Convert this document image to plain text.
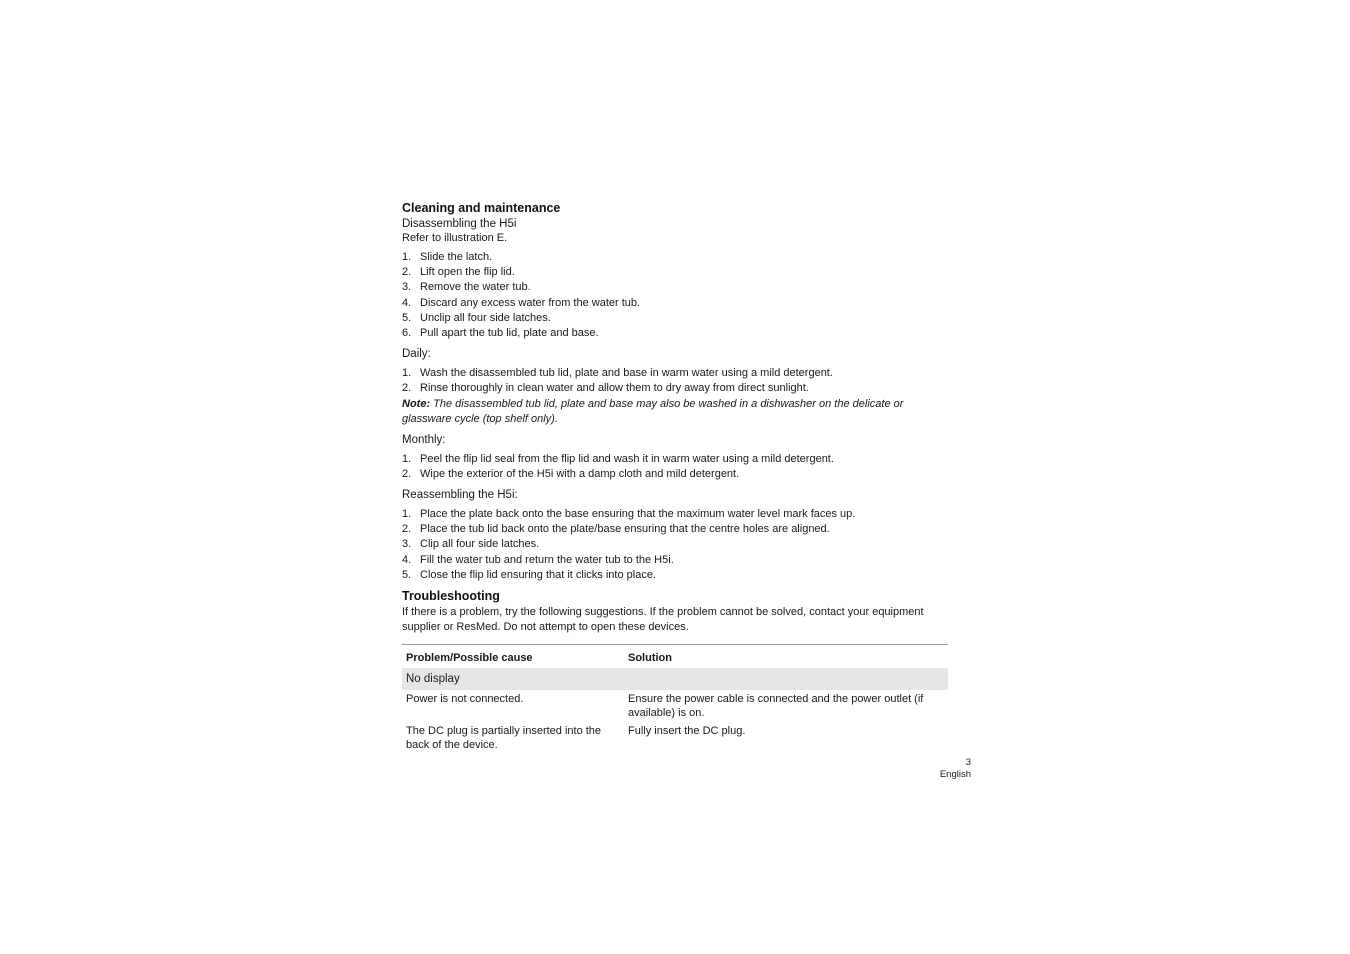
Cleaning and maintenance

Disassembling the H5i

Refer to illustration E.

1. Slide the latch.
2. Lift open the flip lid.
3. Remove the water tub.
4. Discard any excess water from the water tub.
5. Unclip all four side latches.
6. Pull apart the tub lid, plate and base.

Daily:

1. Wash the disassembled tub lid, plate and base in warm water using a mild detergent.
2. Rinse thoroughly in clean water and allow them to dry away from direct sunlight.

Note: The disassembled tub lid, plate and base may also be washed in a dishwasher on the delicate or glassware cycle (top shelf only).

Monthly:

1. Peel the flip lid seal from the flip lid and wash it in warm water using a mild detergent.
2. Wipe the exterior of the H5i with a damp cloth and mild detergent.

Reassembling the H5i:

1. Place the plate back onto the base ensuring that the maximum water level mark faces up.
2. Place the tub lid back onto the plate/base ensuring that the centre holes are aligned.
3. Clip all four side latches.
4. Fill the water tub and return the water tub to the H5i.
5. Close the flip lid ensuring that it clicks into place.
Troubleshooting

If there is a problem, try the following suggestions. If the problem cannot be solved, contact your equipment supplier or ResMed. Do not attempt to open these devices.

Problem/Possible cause	Solution
No display	
Power is not connected.	Ensure the power cable is connected and the power outlet (if available) is on.
The DC plug is partially inserted into the back of the device.	Fully insert the DC plug.
3
English
